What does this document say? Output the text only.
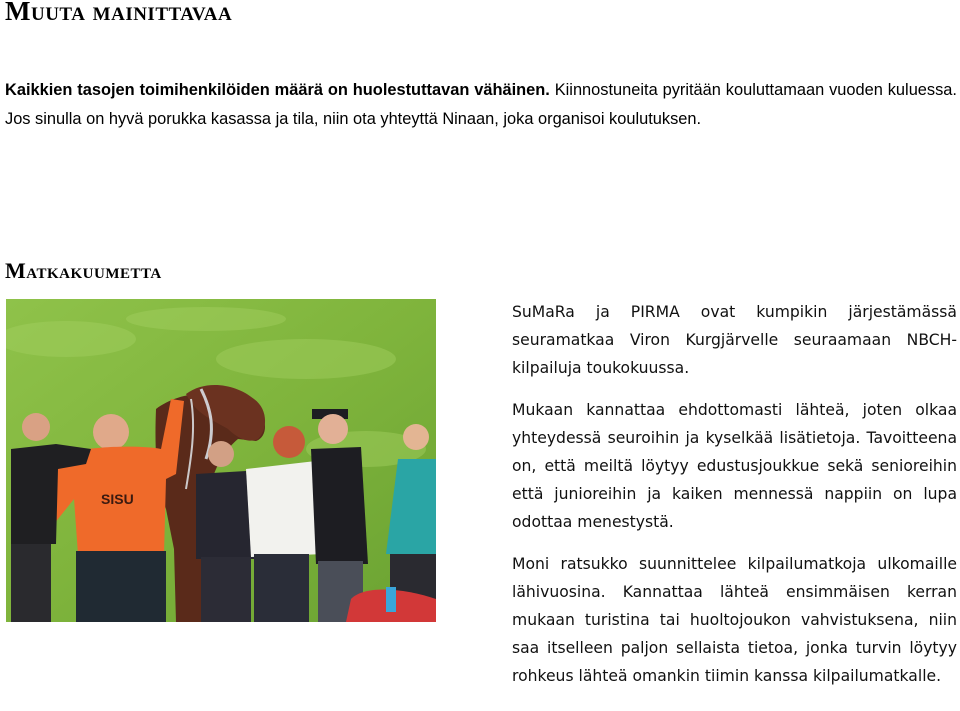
Muuta mainittavaa
Kaikkien tasojen toimihenkilöiden määrä on huolestuttavan vähäinen. Kiinnostuneita pyritään kouluttamaan vuoden kuluessa. Jos sinulla on hyvä porukka kasassa ja tila, niin ota yhteyttä Ninaan, joka organisoi koulutuksen.
Matkakuumetta
SISU

SuMaRa ja PIRMA ovat kumpikin järjestämässä seuramatkaa Viron Kurgjärvelle seuraamaan NBCH-kilpailuja toukokuussa.

Mukaan kannattaa ehdottomasti lähteä, joten olkaa yhteydessä seuroihin ja kyselkää lisätietoja. Tavoitteena on, että meiltä löytyy edustusjoukkue sekä senioreihin että junioreihin ja kaiken mennessä nappiin on lupa odottaa menestystä.

Moni ratsukko suunnittelee kilpailumatkoja ulkomaille lähivuosina. Kannattaa lähteä ensimmäisen kerran mukaan turistina tai huoltojoukon vahvistuksena, niin saa itselleen paljon sellaista tietoa, jonka turvin löytyy rohkeus lähteä omankin tiimin kanssa kilpailumatkalle.
